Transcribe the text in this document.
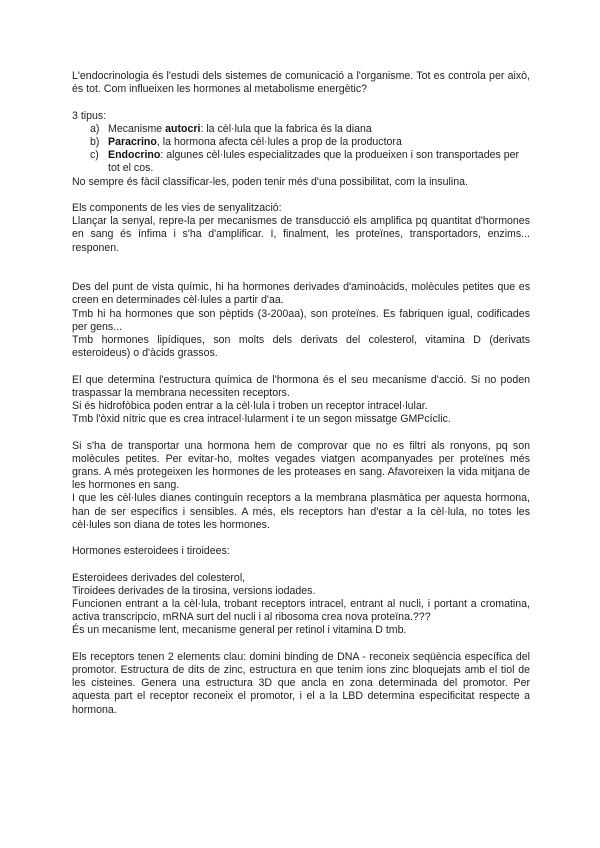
L'endocrinologia és l'estudi dels sistemes de comunicació a l'organisme. Tot es controla per això, és tot. Com influeixen les hormones al metabolisme energètic?

3 tipus:

a) Mecanisme autocri: la cèl·lula que la fabrica és la diana
b) Paracrino, la hormona afecta cèl·lules a prop de la productora
c) Endocrino: algunes cèl·lules especialitzades que la produeixen i son transportades per tot el cos.

No sempre és fàcil classificar-les, poden tenir més d'una possibilitat, com la insulina.

Els components de les vies de senyalització:

Llançar la senyal, repre-la per mecanismes de transducció els amplifica pq quantitat d'hormones en sang és ínfima i s'ha d'amplificar. I, finalment, les proteïnes, transportadors, enzims... responen.

Des del punt de vista químic, hi ha hormones derivades d'aminoàcids, molècules petites que es creen en determinades cèl·lules a partir d'aa.

Tmb hi ha hormones que son pèptids (3-200aa), son proteïnes. Es fabriquen igual, codificades per gens...

Tmb hormones lipídiques, son molts dels derivats del colesterol, vitamina D (derivats esteroideus) o d'àcids grassos.

El que determina l'estructura química de l'hormona és el seu mecanisme d'acció. Si no poden traspassar la membrana necessiten receptors.

Si és hidrofòbica poden entrar a la cèl·lula i troben un receptor intracel·lular.

Tmb l'òxid nítric que es crea intracel·lularment i te un segon missatge GMPcíclic.

Si s'ha de transportar una hormona hem de comprovar que no es filtri als ronyons, pq son molècules petites. Per evitar-ho, moltes vegades viatgen acompanyades per proteïnes més grans. A més protegeixen les hormones de les proteases en sang. Afavoreixen la vida mitjana de les hormones en sang.

I que les cèl·lules dianes continguin receptors a la membrana plasmàtica per aquesta hormona, han de ser específics i sensibles. A més, els receptors han d'estar a la cèl·lula, no totes les cèl·lules son diana de totes les hormones.

Hormones esteroidees i tiroidees:

Esteroidees derivades del colesterol,

Tiroidees derivades de la tirosina, versions iodades.

Funcionen entrant a la cèl·lula, trobant receptors intracel, entrant al nucli, i portant a cromatina, activa transcripcio, mRNA surt del nucli i al ribosoma crea nova proteïna.???

És un mecanisme lent, mecanisme general per retinol i vitamina D tmb.

Els receptors tenen 2 elements clau: domini binding de DNA - reconeix seqüència específica del promotor. Estructura de dits de zinc, estructura en que tenim ions zinc bloquejats amb el tiol de les cisteines. Genera una estructura 3D que ancla en zona determinada del promotor. Per aquesta part el receptor reconeix el promotor, i el a la LBD determina especificitat respecte a hormona.
